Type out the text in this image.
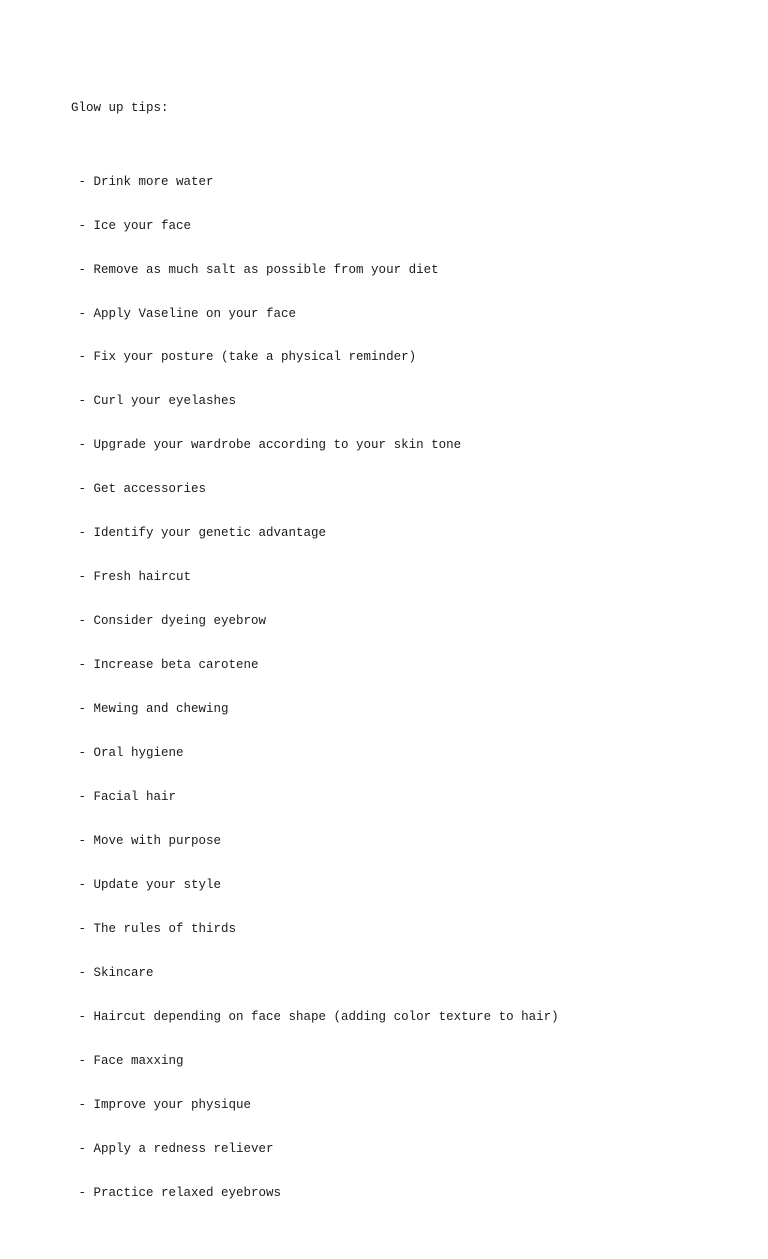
Glow up tips:

- Drink more water

- Ice your face

- Remove as much salt as possible from your diet

- Apply Vaseline on your face

- Fix your posture (take a physical reminder)

- Curl your eyelashes

- Upgrade your wardrobe according to your skin tone

- Get accessories

- Identify your genetic advantage

- Fresh haircut

- Consider dyeing eyebrow

- Increase beta carotene

- Mewing and chewing

- Oral hygiene

- Facial hair

- Move with purpose

- Update your style

- The rules of thirds

- Skincare

- Haircut depending on face shape (adding color texture to hair)

- Face maxxing

- Improve your physique

- Apply a redness reliever

- Practice relaxed eyebrows
